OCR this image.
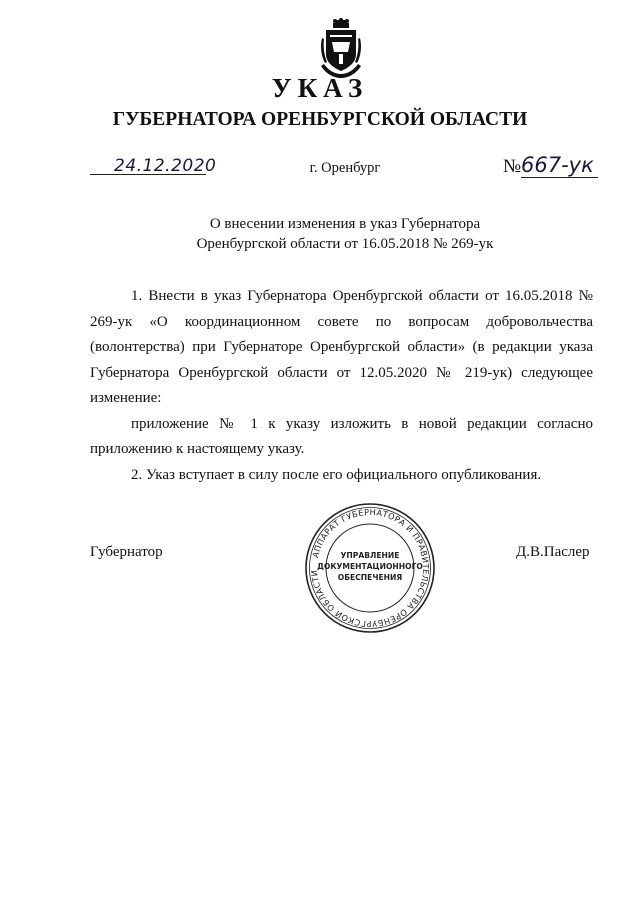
УКАЗ
ГУБЕРНАТОРА ОРЕНБУРГСКОЙ ОБЛАСТИ
24.12.2020	г. Оренбург	№ 667-ук
О внесении изменения в указ Губернатора
Оренбургской области от 16.05.2018 № 269-ук

1. Внести в указ Губернатора Оренбургской области от 16.05.2018 № 269-ук «О координационном совете по вопросам добровольчества (волонтерства) при Губернаторе Оренбургской области» (в редакции указа Губернатора Оренбургской области от 12.05.2020 № 219-ук) следующее изменение:

приложение № 1 к указу изложить в новой редакции согласно приложению к настоящему указу.

2. Указ вступает в силу после его официального опубликования.

Губернатор	Д.В.Паслер
АППАРАТ ГУБЕРНАТОРА И ПРАВИТЕЛЬСТВА ОРЕНБУРГСКОЙ ОБЛАСТИ
УПРАВЛЕНИЕ
ДОКУМЕНТАЦИОННОГО
ОБЕСПЕЧЕНИЯ
